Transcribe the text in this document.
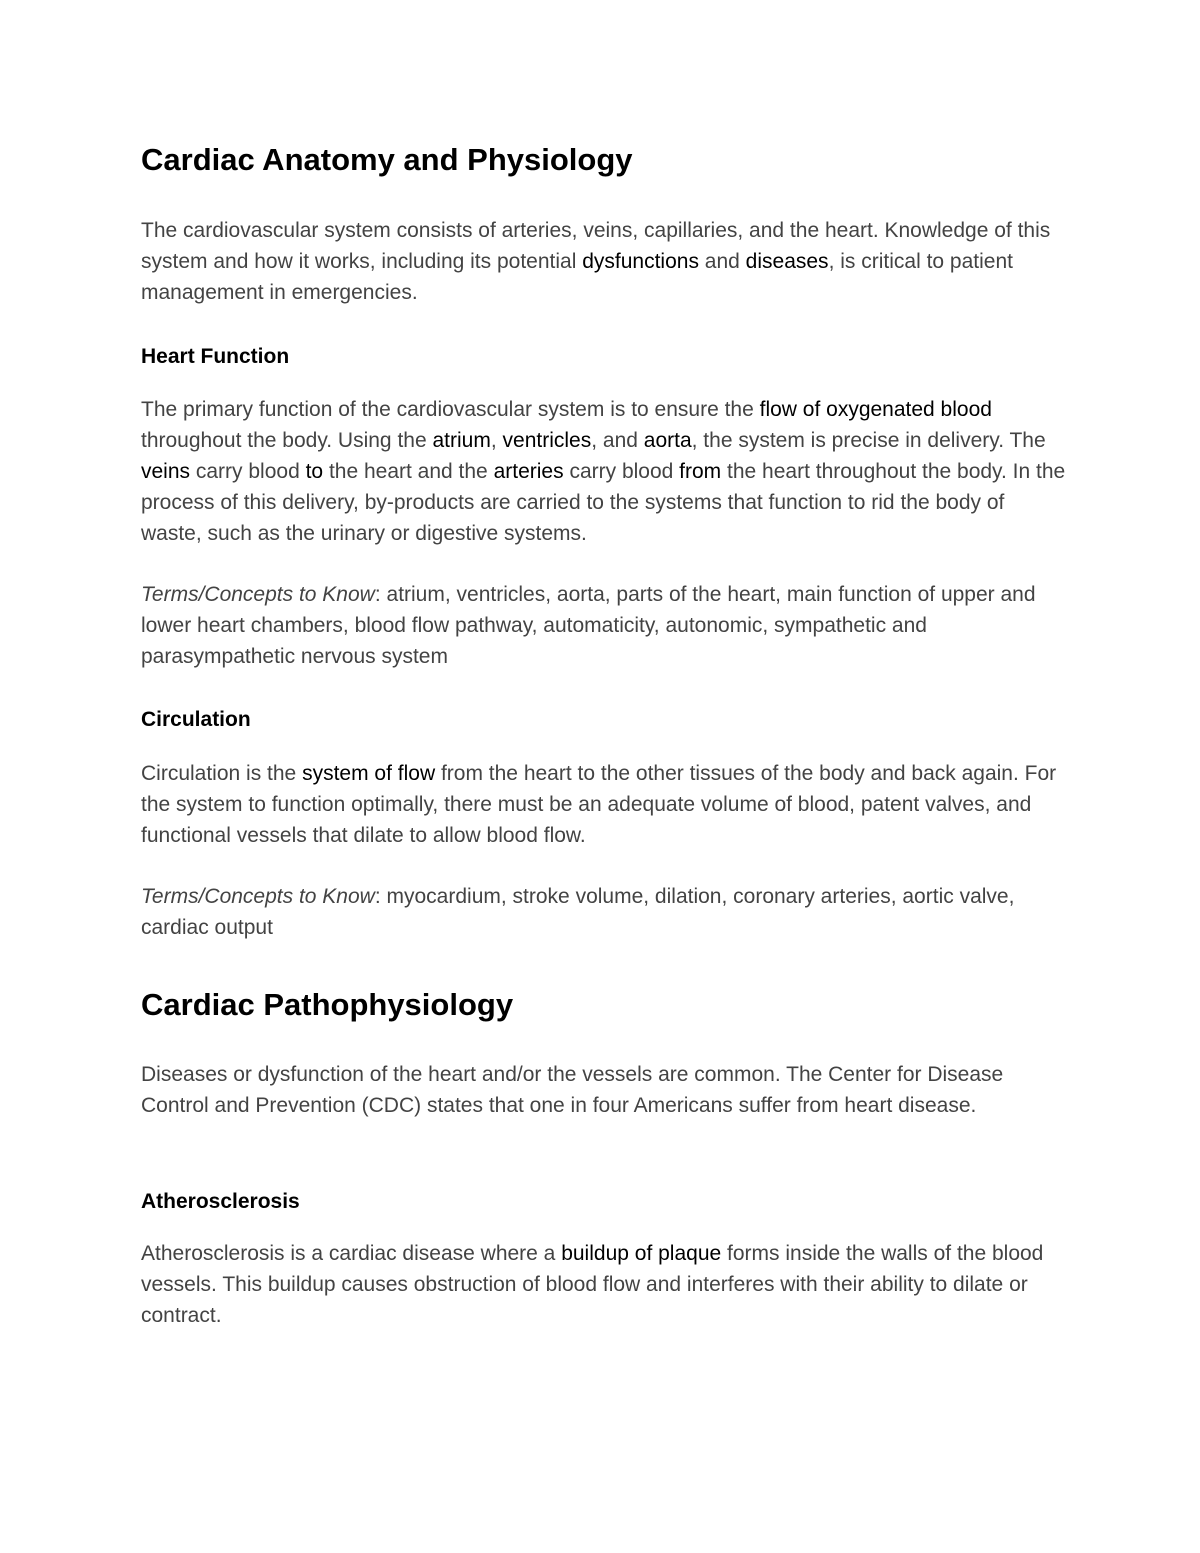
Cardiac Anatomy and Physiology

The cardiovascular system consists of arteries, veins, capillaries, and the heart. Knowledge of this system and how it works, including its potential dysfunctions and diseases, is critical to patient management in emergencies.

Heart Function

The primary function of the cardiovascular system is to ensure the flow of oxygenated blood throughout the body. Using the atrium, ventricles, and aorta, the system is precise in delivery. The veins carry blood to the heart and the arteries carry blood from the heart throughout the body. In the process of this delivery, by-products are carried to the systems that function to rid the body of waste, such as the urinary or digestive systems.

Terms/Concepts to Know: atrium, ventricles, aorta, parts of the heart, main function of upper and lower heart chambers, blood flow pathway, automaticity, autonomic, sympathetic and parasympathetic nervous system

Circulation

Circulation is the system of flow from the heart to the other tissues of the body and back again. For the system to function optimally, there must be an adequate volume of blood, patent valves, and functional vessels that dilate to allow blood flow.

Terms/Concepts to Know: myocardium, stroke volume, dilation, coronary arteries, aortic valve, cardiac output

Cardiac Pathophysiology

Diseases or dysfunction of the heart and/or the vessels are common. The Center for Disease Control and Prevention (CDC) states that one in four Americans suffer from heart disease.

Atherosclerosis

Atherosclerosis is a cardiac disease where a buildup of plaque forms inside the walls of the blood vessels. This buildup causes obstruction of blood flow and interferes with their ability to dilate or contract.
